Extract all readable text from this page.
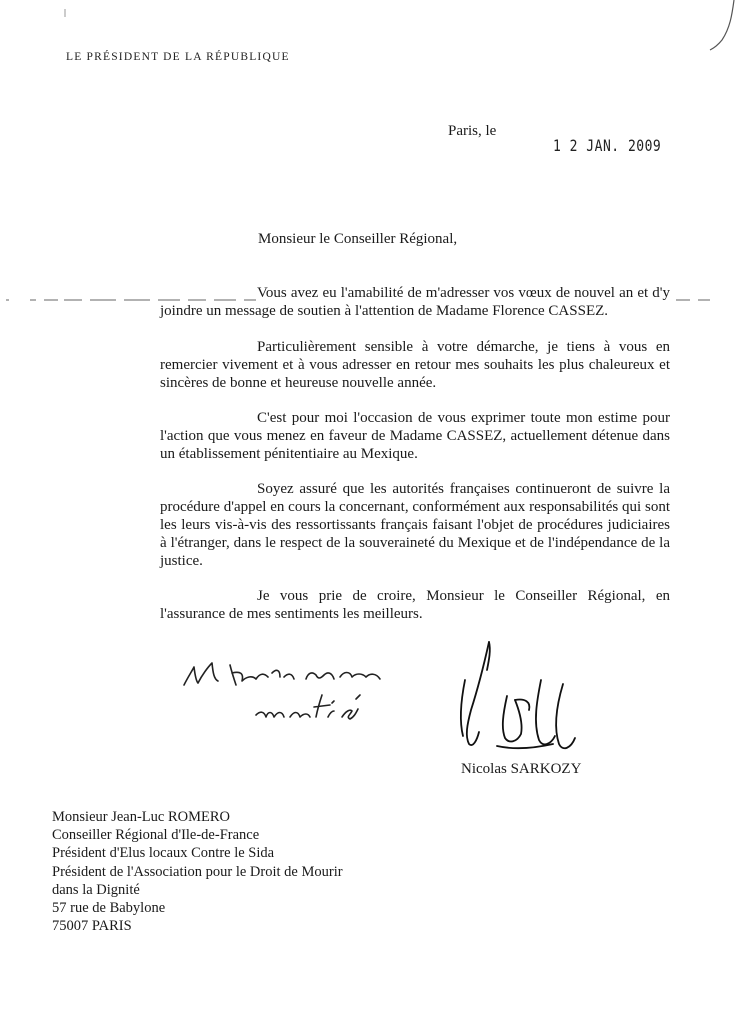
LE PRÉSIDENT DE LA RÉPUBLIQUE
Paris, le
1 2 JAN. 2009
Monsieur le Conseiller Régional,

Vous avez eu l'amabilité de m'adresser vos vœux de nouvel an et d'y joindre un message de soutien à l'attention de Madame Florence CASSEZ.

Particulièrement sensible à votre démarche, je tiens à vous en remercier vivement et à vous adresser en retour mes souhaits les plus chaleureux et sincères de bonne et heureuse nouvelle année.

C'est pour moi l'occasion de vous exprimer toute mon estime pour l'action que vous menez en faveur de Madame CASSEZ, actuellement détenue dans un établissement pénitentiaire au Mexique.

Soyez assuré que les autorités françaises continueront de suivre la procédure d'appel en cours la concernant, conformément aux responsabilités qui sont les leurs vis-à-vis des ressortissants français faisant l'objet de procédures judiciaires à l'étranger, dans le respect de la souveraineté du Mexique et de l'indépendance de la justice.

Je vous prie de croire, Monsieur le Conseiller Régional, en l'assurance de mes sentiments les meilleurs.

Nicolas SARKOZY
Monsieur Jean-Luc ROMERO
Conseiller Régional d'Ile-de-France
Président d'Elus locaux Contre le Sida
Président de l'Association pour le Droit de Mourir
dans la Dignité
57 rue de Babylone
75007 PARIS
